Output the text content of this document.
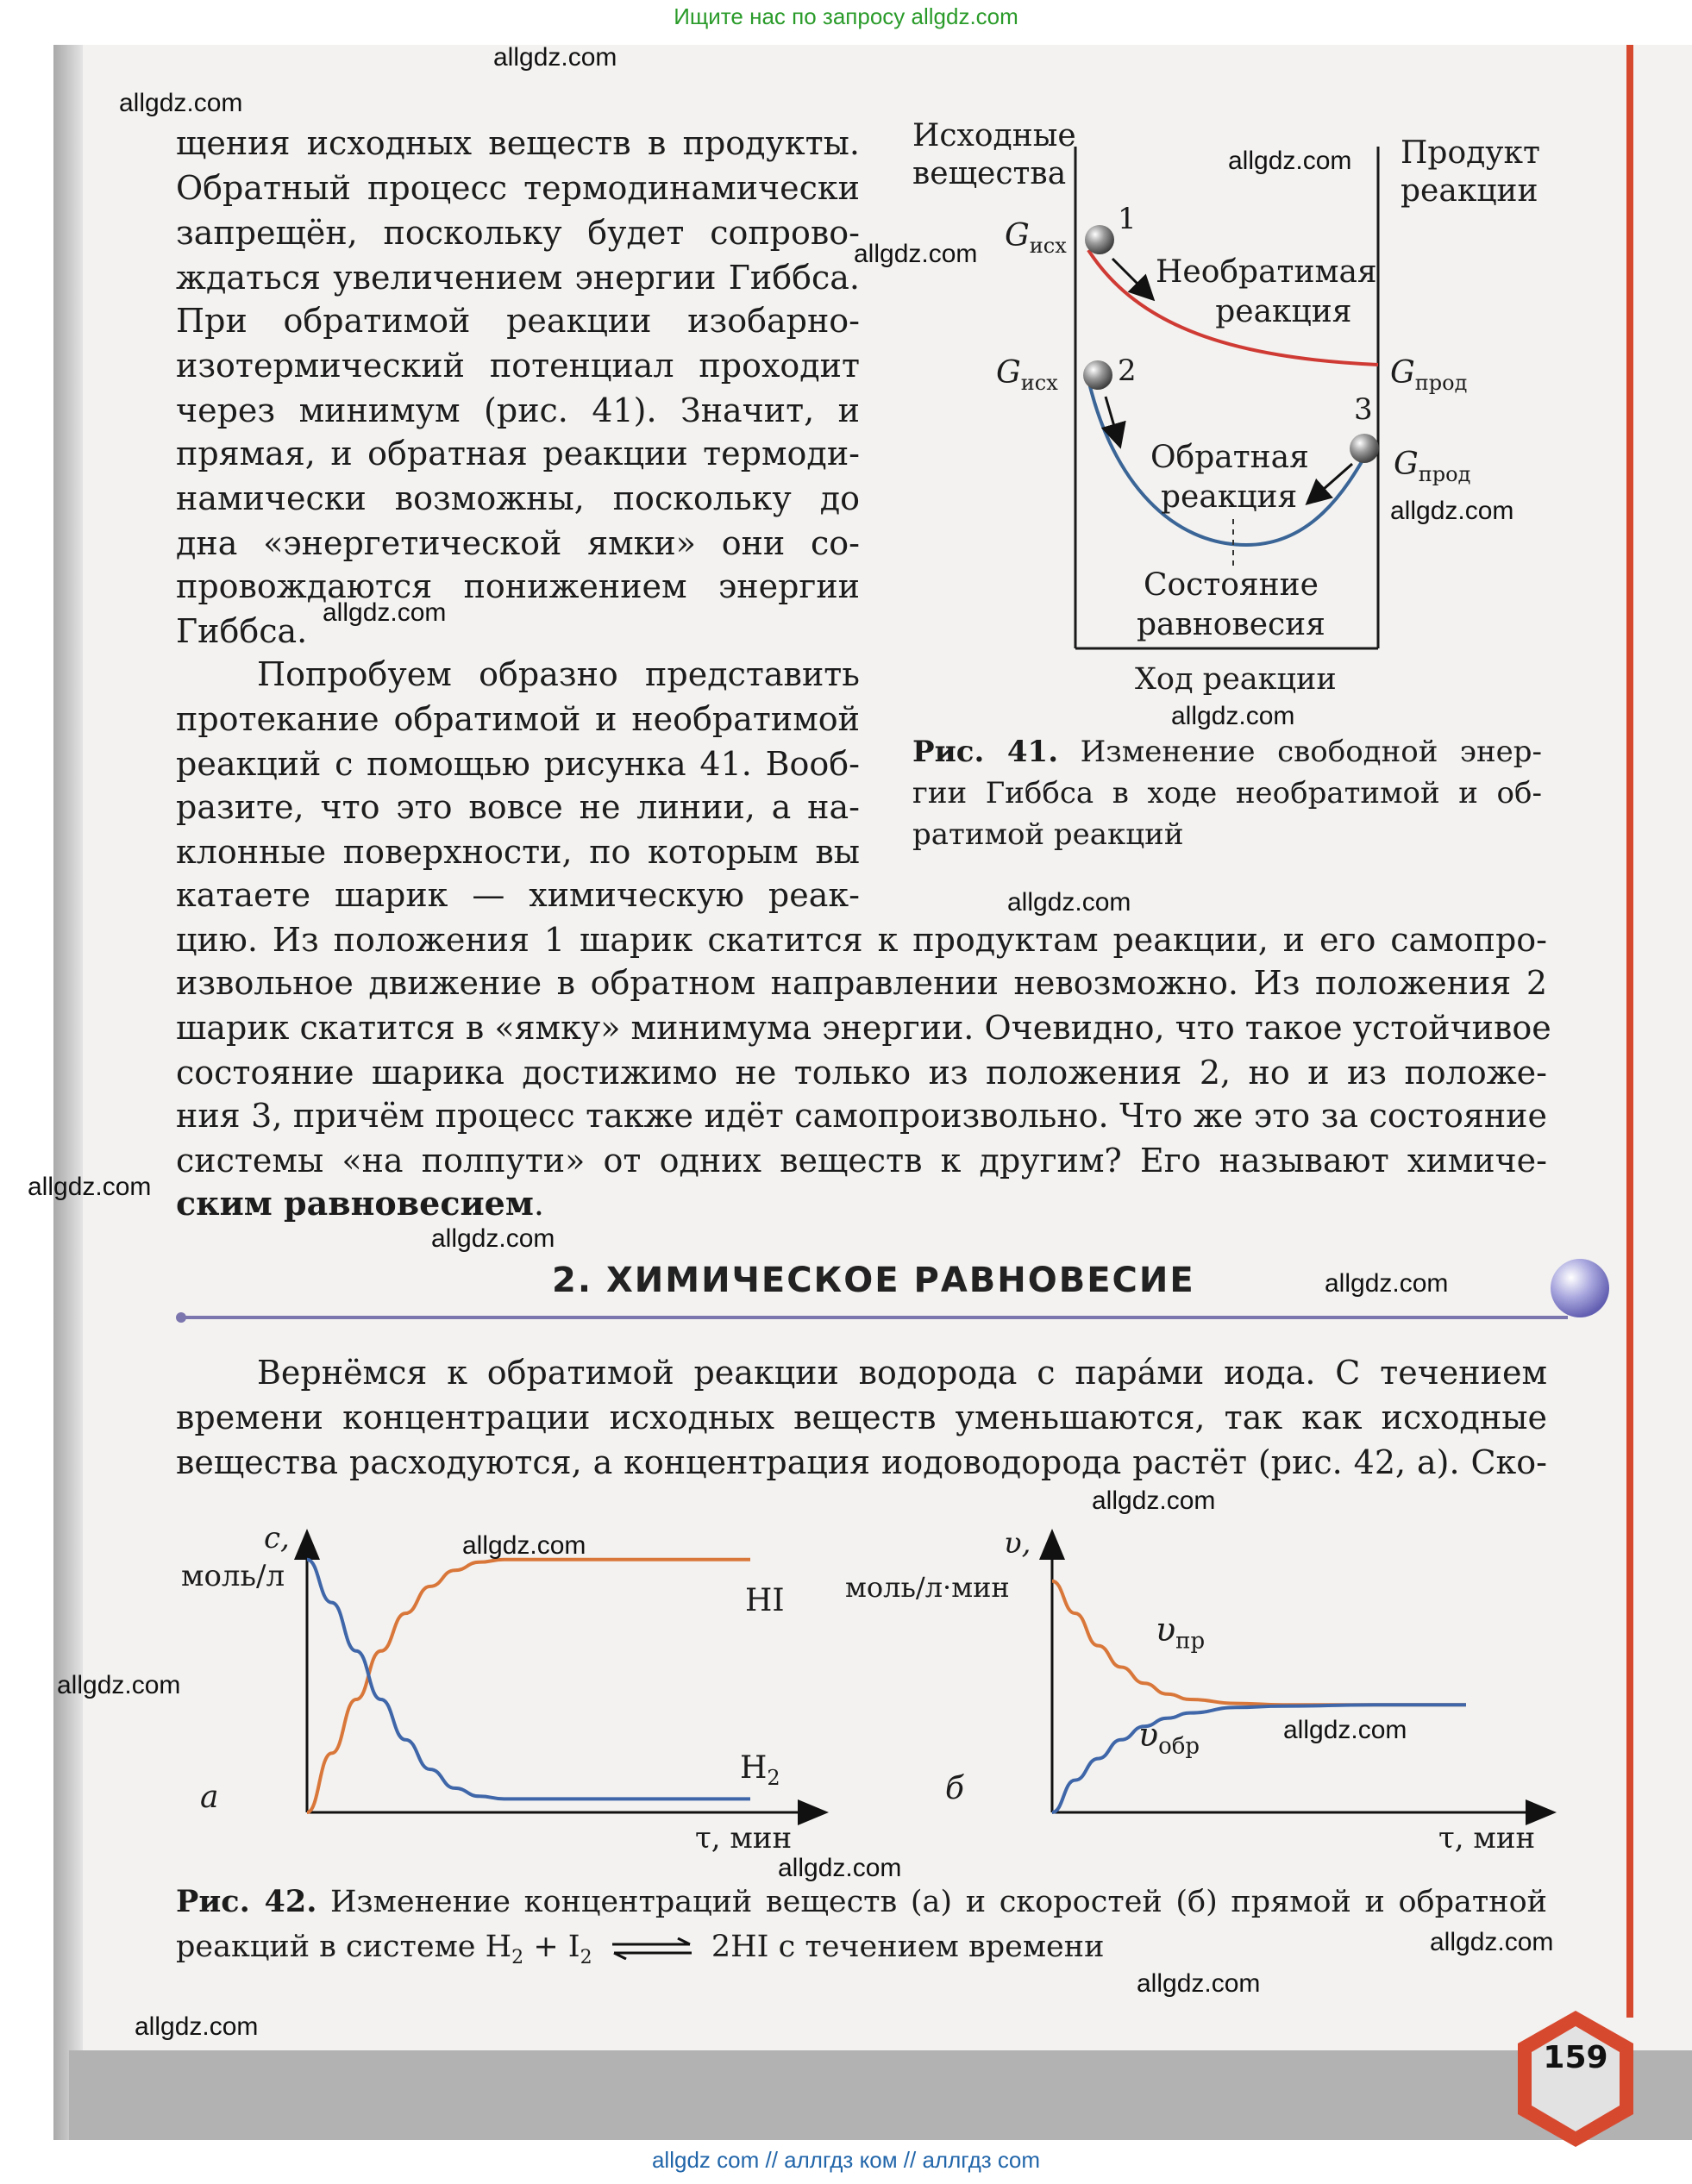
Ищите нас по запросу allgdz.com
щения исходных веществ в продукты.
Обратный процесс термодинамически
запрещён, поскольку будет сопрово-
ждаться увеличением энергии Гиббса.
При обратимой реакции изобарно-
изотермический потенциал проходит
через минимум (рис. 41). Значит, и
прямая, и обратная реакции термоди-
намически возможны, поскольку до
дна «энергетической ямки» они со-
провождаются понижением энергии
Гиббса.
Попробуем образно представить
протекание обратимой и необратимой
реакций с помощью рисунка 41. Вооб-
разите, что это вовсе не линии, а на-
клонные поверхности, по которым вы
катаете шарик — химическую реак-
цию. Из положения 1 шарик скатится к продуктам реакции, и его самопро-
извольное движение в обратном направлении невозможно. Из положения 2
шарик скатится в «ямку» минимума энергии. Очевидно, что такое устойчивое
состояние шарика достижимо не только из положения 2, но и из положе-
ния 3, причём процесс также идёт самопроизвольно. Что же это за состояние
системы «на полпути» от одних веществ к другим? Его называют химиче-
ским равновесием.
Исходные
вещества
Продукт
реакции
$G_{исх}$
$G_{исх}$	$G_{прод}$
$G_{прод}$
1
2
3
Необратимая
реакция
Обратная
реакция
Состояние
равновесия
Ход реакции
Рис. 41. Изменение свободной энер-
гии Гиббса в ходе необратимой и об-
ратимой реакций
2. ХИМИЧЕСКОЕ РАВНОВЕСИЕ
Вернёмся к обратимой реакции водорода с парáми иода. С течением
времени концентрации исходных веществ уменьшаются, так как исходные
вещества расходуются, а концентрация иодоводорода растёт (рис. 42, а). Ско-
с,
моль/л
HI
$H_2$
а
τ, мин
υ,
моль/л·мин
$\upsilon_{пр}$
$\upsilon_{обр}$
б
τ, мин
Рис. 42. Изменение концентраций веществ (а) и скоростей (б) прямой и обратной
реакций в системе $H_2 + I_2$ ⇌ 2HI с течением времени
159
allgdz.com
allgdz.com
allgdz.com
allgdz.com
allgdz.com
allgdz.com
allgdz.com
allgdz.com
allgdz.com
allgdz.com
allgdz.com
allgdz.com
allgdz.com
allgdz.com
allgdz.com
allgdz.com
allgdz.com
allgdz.com
allgdz.com
allgdz com // аллгдз ком // аллгдз com
